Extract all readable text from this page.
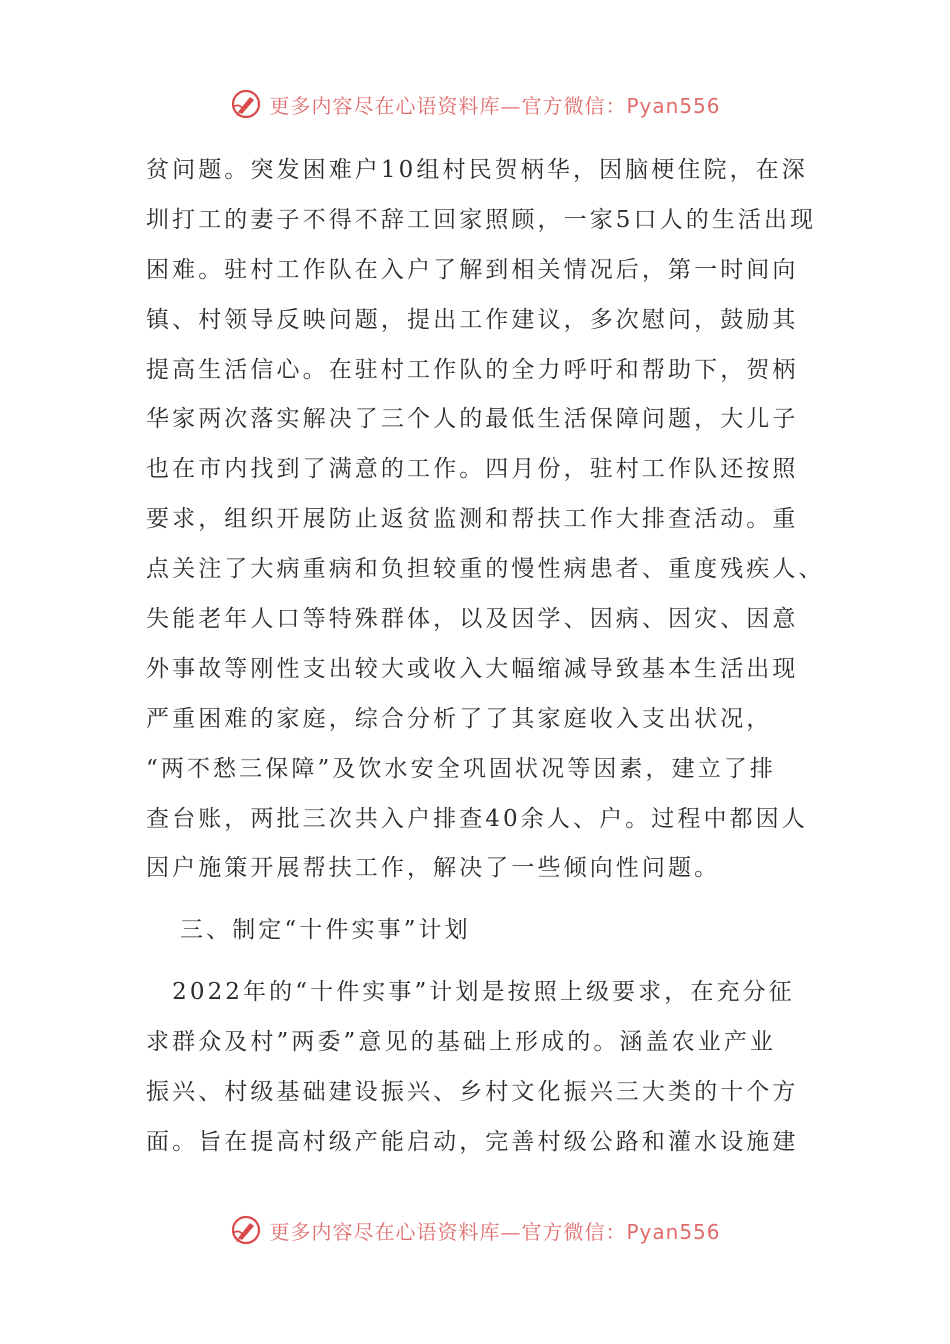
更多内容尽在心语资料库—官方微信：Pyan556
贫问题。突发困难户10组村民贺柄华，因脑梗住院，在深
圳打工的妻子不得不辞工回家照顾，一家5口人的生活出现
困难。驻村工作队在入户了解到相关情况后，第一时间向
镇、村领导反映问题，提出工作建议，多次慰问，鼓励其
提高生活信心。在驻村工作队的全力呼吁和帮助下，贺柄
华家两次落实解决了三个人的最低生活保障问题，大儿子
也在市内找到了满意的工作。四月份，驻村工作队还按照
要求，组织开展防止返贫监测和帮扶工作大排查活动。重
点关注了大病重病和负担较重的慢性病患者、重度残疾人、
失能老年人口等特殊群体，以及因学、因病、因灾、因意
外事故等刚性支出较大或收入大幅缩减导致基本生活出现
严重困难的家庭，综合分析了了其家庭收入支出状况，
“两不愁三保障”及饮水安全巩固状况等因素，建立了排
查台账，两批三次共入户排查40余人、户。过程中都因人
因户施策开展帮扶工作，解决了一些倾向性问题。
三、制定“十件实事”计划
　2022年的“十件实事”计划是按照上级要求，在充分征
求群众及村”两委”意见的基础上形成的。涵盖农业产业
振兴、村级基础建设振兴、乡村文化振兴三大类的十个方
面。旨在提高村级产能启动，完善村级公路和灌水设施建
更多内容尽在心语资料库—官方微信：Pyan556
